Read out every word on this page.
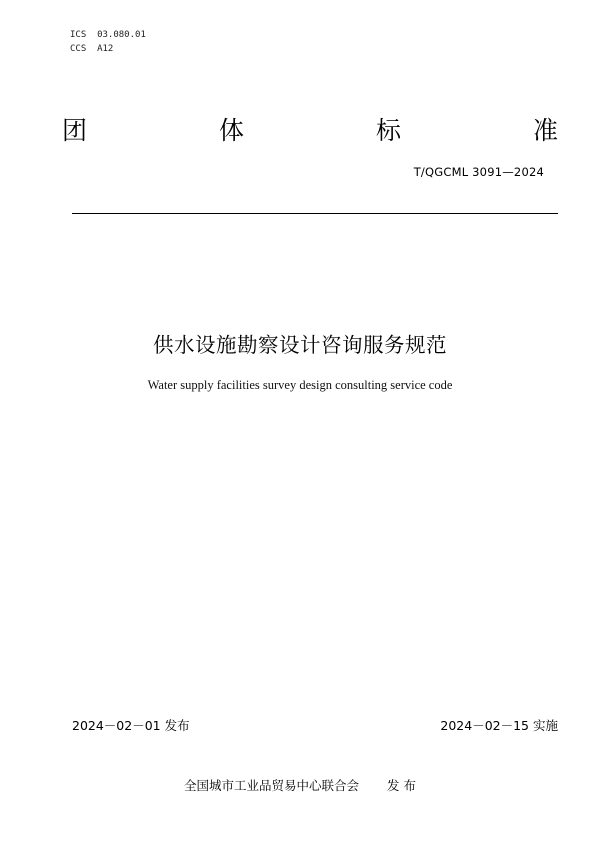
ICS  03.080.01
CCS  A12
团	体	标	准
T/QGCML 3091—2024
供水设施勘察设计咨询服务规范
Water supply facilities survey design consulting service code
2024－02－01 发布	2024－02－15 实施
全国城市工业品贸易中心联合会 发 布
